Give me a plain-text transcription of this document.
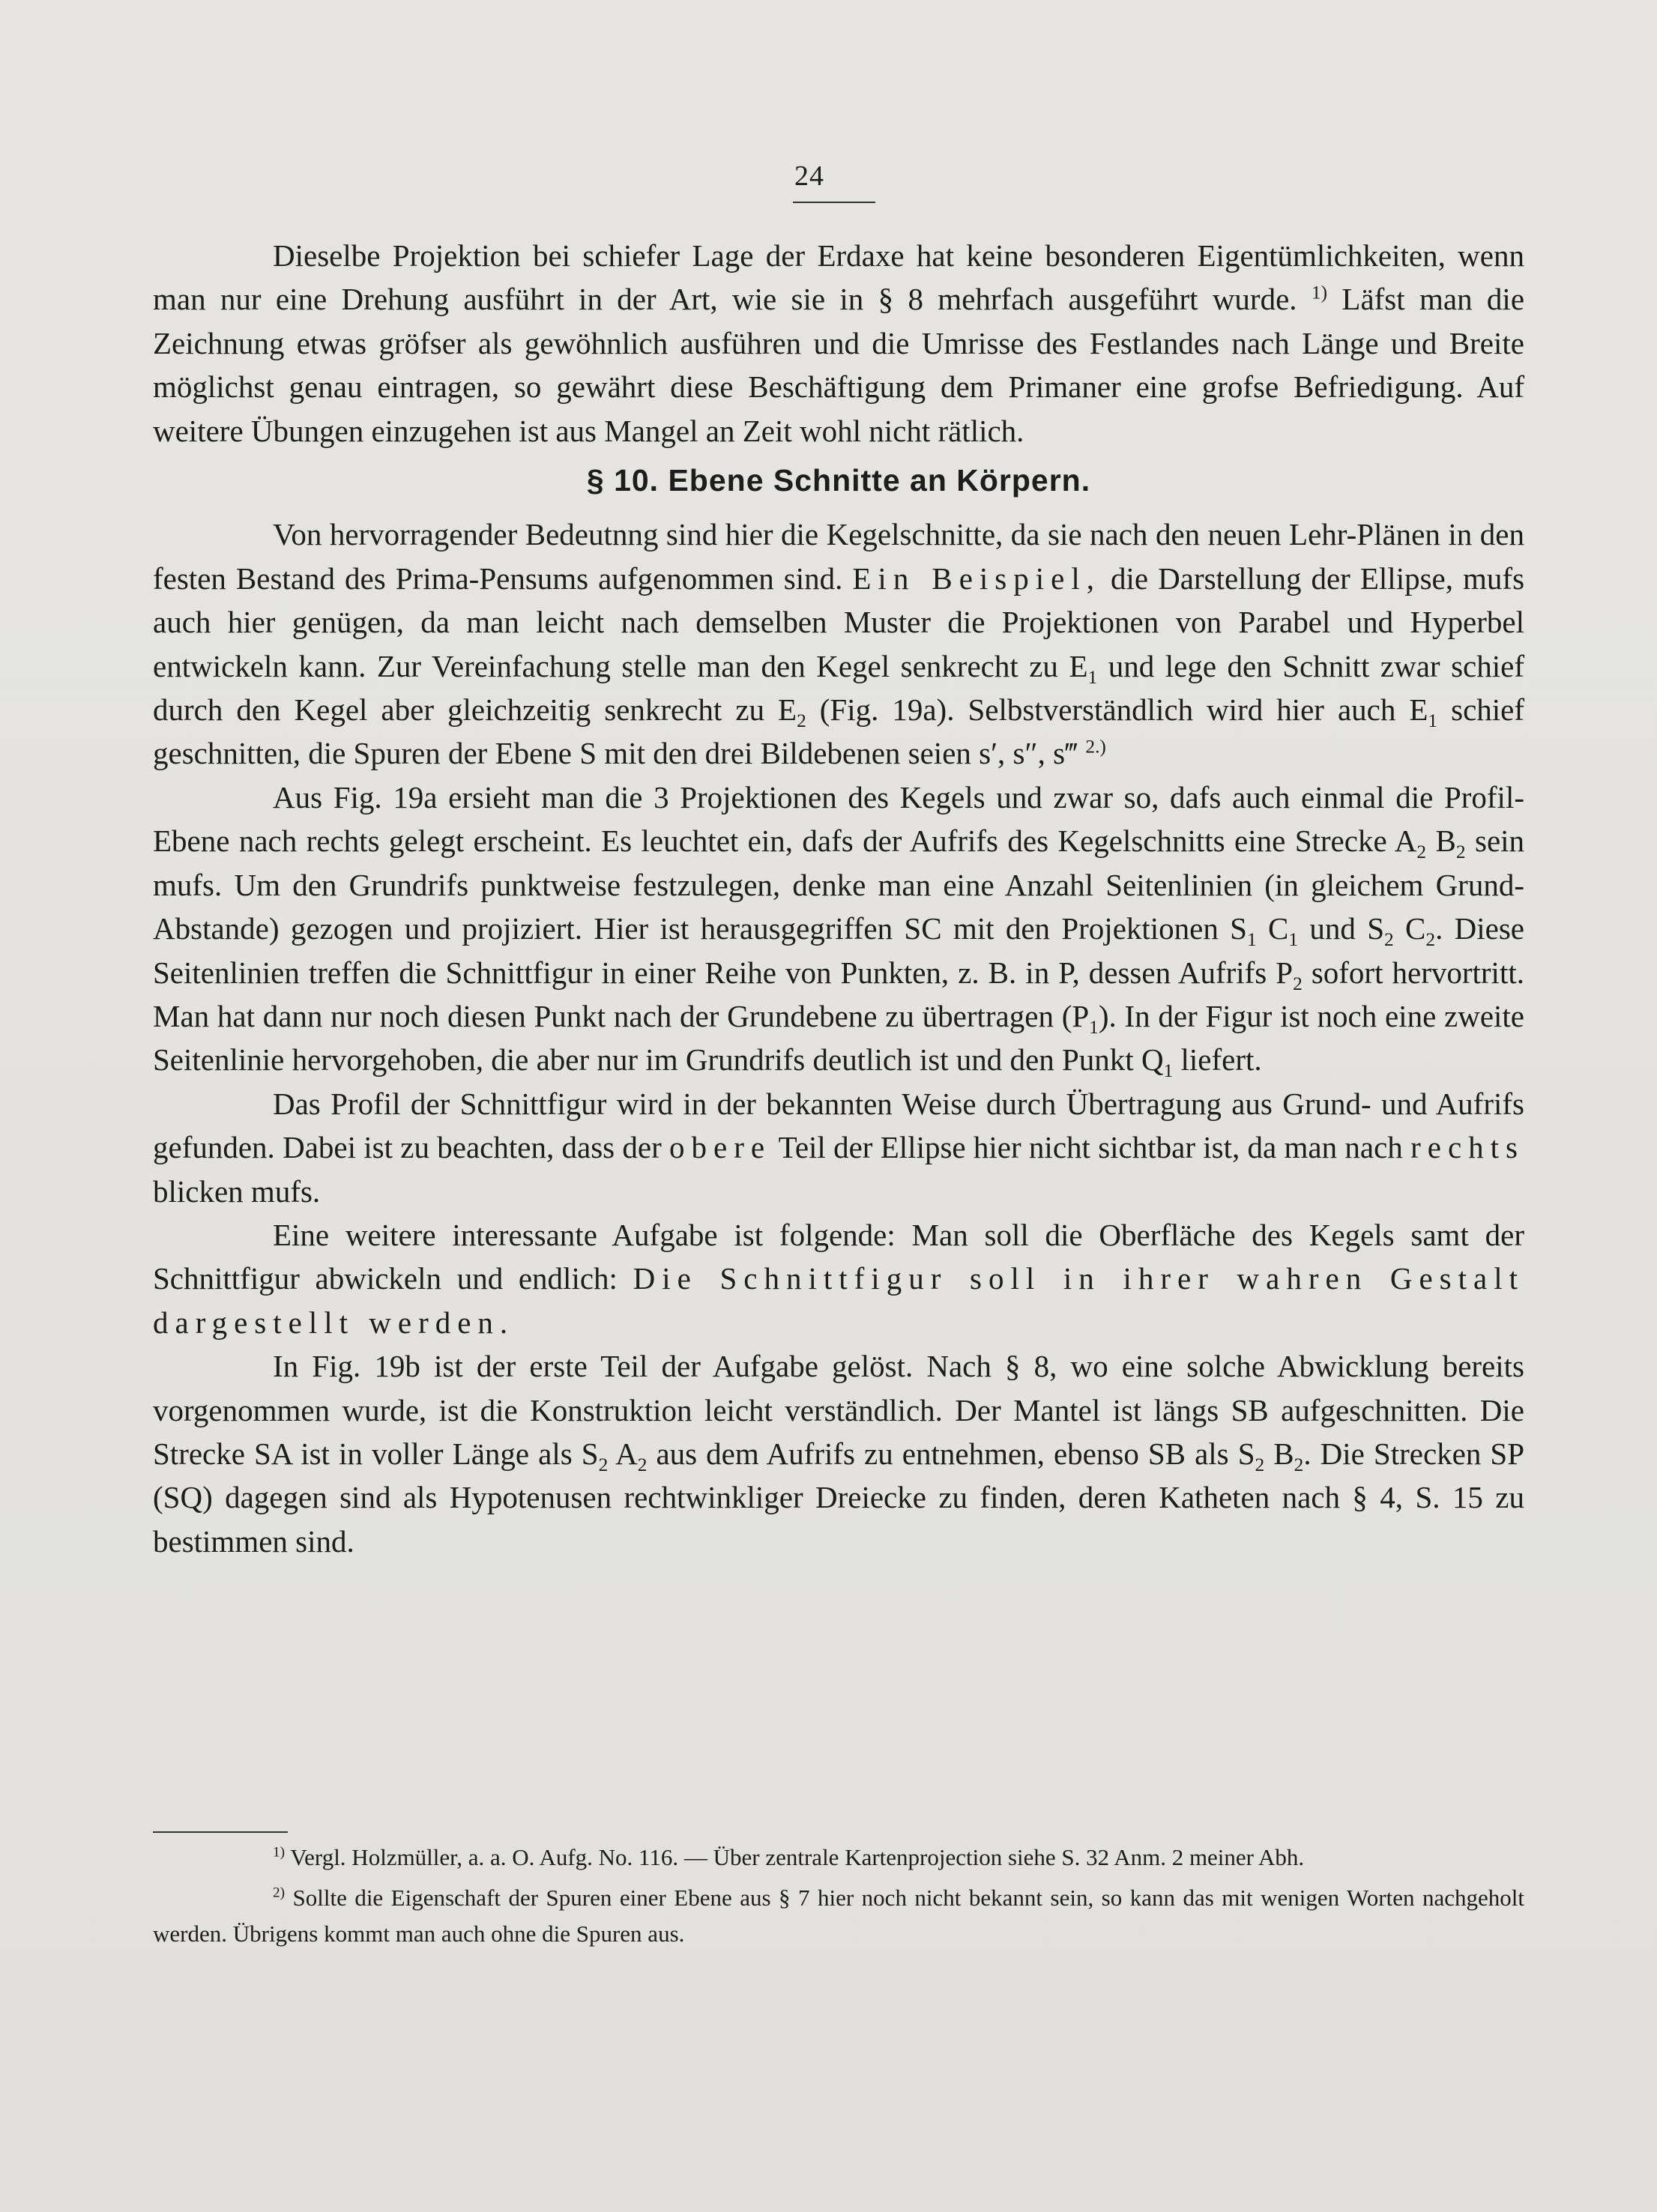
24

Dieselbe Projektion bei schiefer Lage der Erdaxe hat keine besonderen Eigentümlichkeiten, wenn man nur eine Drehung ausführt in der Art, wie sie in § 8 mehrfach ausgeführt wurde. $^{1)}$ Läfst man die Zeichnung etwas gröfser als gewöhnlich ausführen und die Umrisse des Festlandes nach Länge und Breite möglichst genau eintragen, so gewährt diese Beschäftigung dem Primaner eine grofse Befriedigung. Auf weitere Übungen einzugehen ist aus Mangel an Zeit wohl nicht rätlich.

§ 10. Ebene Schnitte an Körpern.

Von hervorragender Bedeutnng sind hier die Kegelschnitte, da sie nach den neuen Lehr-Plänen in den festen Bestand des Prima-Pensums aufgenommen sind. Ein Beispiel, die Darstellung der Ellipse, mufs auch hier genügen, da man leicht nach demselben Muster die Projektionen von Parabel und Hyperbel entwickeln kann. Zur Vereinfachung stelle man den Kegel senkrecht zu $E_1$ und lege den Schnitt zwar schief durch den Kegel aber gleichzeitig senkrecht zu $E_2$ (Fig. 19a). Selbstverständlich wird hier auch $E_1$ schief geschnitten, die Spuren der Ebene S mit den drei Bildebenen seien s′, s″, s‴ $^{2.)}$

Aus Fig. 19a ersieht man die 3 Projektionen des Kegels und zwar so, dafs auch einmal die Profil-Ebene nach rechts gelegt erscheint. Es leuchtet ein, dafs der Aufrifs des Kegelschnitts eine Strecke $A_2$ $B_2$ sein mufs. Um den Grundrifs punktweise festzulegen, denke man eine Anzahl Seitenlinien (in gleichem Grund-Abstande) gezogen und projiziert. Hier ist herausgegriffen SC mit den Projektionen $S_1$ $C_1$ und $S_2$ $C_2$. Diese Seitenlinien treffen die Schnittfigur in einer Reihe von Punkten, z. B. in P, dessen Aufrifs $P_2$ sofort hervortritt. Man hat dann nur noch diesen Punkt nach der Grundebene zu übertragen $(P_1)$. In der Figur ist noch eine zweite Seitenlinie hervorgehoben, die aber nur im Grundrifs deutlich ist und den Punkt $Q_1$ liefert.

Das Profil der Schnittfigur wird in der bekannten Weise durch Übertragung aus Grund- und Aufrifs gefunden. Dabei ist zu beachten, dass der obere Teil der Ellipse hier nicht sichtbar ist, da man nach rechts blicken mufs.

Eine weitere interessante Aufgabe ist folgende: Man soll die Oberfläche des Kegels samt der Schnittfigur abwickeln und endlich: Die Schnittfigur soll in ihrer wahren Gestalt dargestellt werden.

In Fig. 19b ist der erste Teil der Aufgabe gelöst. Nach § 8, wo eine solche Abwicklung bereits vorgenommen wurde, ist die Konstruktion leicht verständlich. Der Mantel ist längs SB aufgeschnitten. Die Strecke SA ist in voller Länge als $S_2$ $A_2$ aus dem Aufrifs zu entnehmen, ebenso SB als $S_2$ $B_2$. Die Strecken SP (SQ) dagegen sind als Hypotenusen rechtwinkliger Dreiecke zu finden, deren Katheten nach § 4, S. 15 zu bestimmen sind.

$^{1)}$ Vergl. Holzmüller, a. a. O. Aufg. No. 116. — Über zentrale Kartenprojection siehe S. 32 Anm. 2 meiner Abh.

$^{2)}$ Sollte die Eigenschaft der Spuren einer Ebene aus § 7 hier noch nicht bekannt sein, so kann das mit wenigen Worten nachgeholt werden. Übrigens kommt man auch ohne die Spuren aus.
